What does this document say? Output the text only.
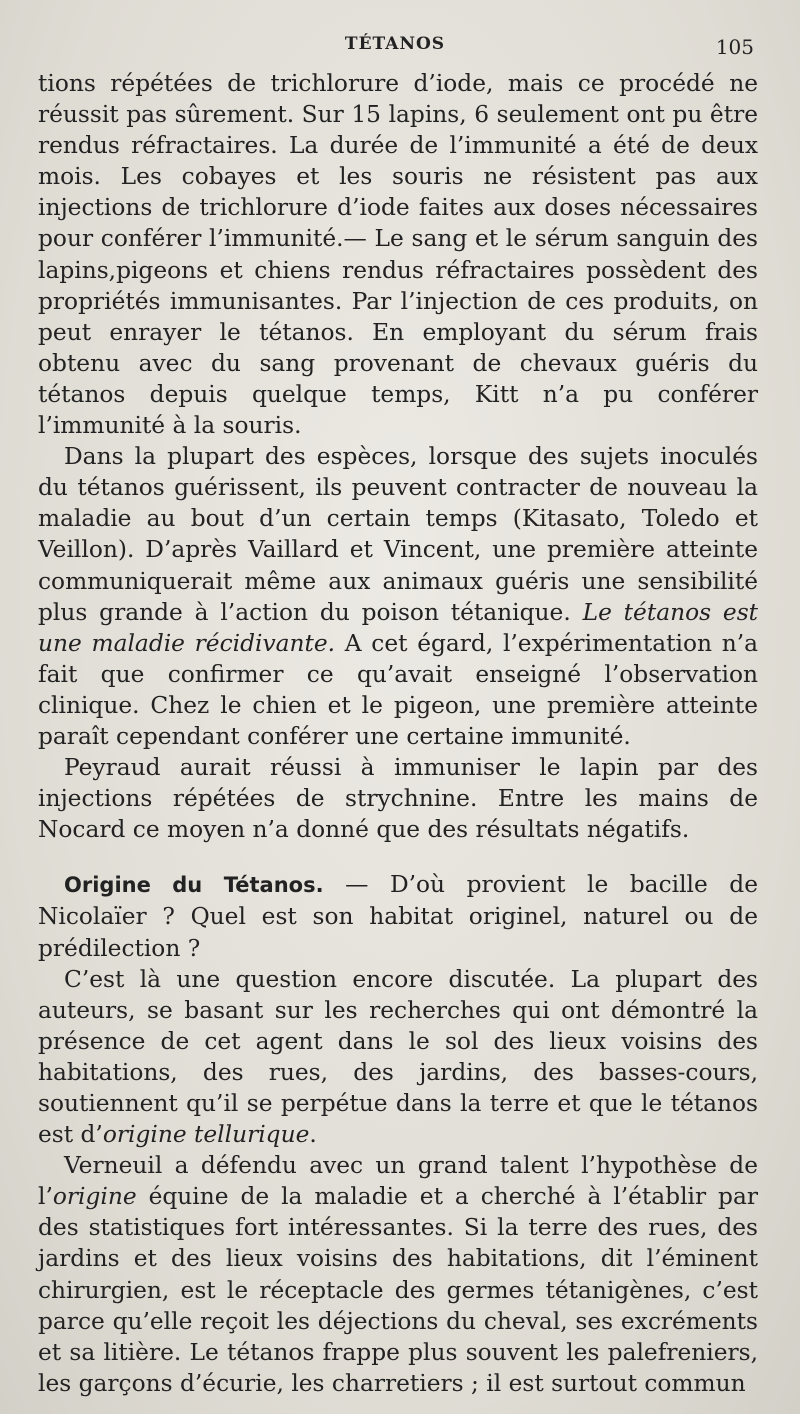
TÉTANOS	105

tions répétées de trichlorure d’iode, mais ce procédé ne réussit pas sûrement. Sur 15 lapins, 6 seulement ont pu être rendus réfractaires. La durée de l’immunité a été de deux mois. Les cobayes et les souris ne résistent pas aux injections de trichlorure d’iode faites aux doses nécessaires pour conférer l’immunité.— Le sang et le sérum sanguin des lapins,pigeons et chiens rendus réfractaires possèdent des propriétés immunisantes. Par l’injection de ces produits, on peut enrayer le tétanos. En employant du sérum frais obtenu avec du sang provenant de chevaux guéris du tétanos depuis quelque temps, Kitt n’a pu conférer l’immunité à la souris.

Dans la plupart des espèces, lorsque des sujets inoculés du tétanos guérissent, ils peuvent contracter de nouveau la maladie au bout d’un certain temps (Kitasato, Toledo et Veillon). D’après Vaillard et Vincent, une première atteinte communiquerait même aux animaux guéris une sensibilité plus grande à l’action du poison tétanique. Le tétanos est une maladie récidivante. A cet égard, l’expérimentation n’a fait que confirmer ce qu’avait enseigné l’observation clinique. Chez le chien et le pigeon, une première atteinte paraît cependant conférer une certaine immunité.

Peyraud aurait réussi à immuniser le lapin par des injections répétées de strychnine. Entre les mains de Nocard ce moyen n’a donné que des résultats négatifs.

Origine du Tétanos. — D’où provient le bacille de Nicolaïer ? Quel est son habitat originel, naturel ou de prédilection ?

C’est là une question encore discutée. La plupart des auteurs, se basant sur les recherches qui ont démontré la présence de cet agent dans le sol des lieux voisins des habitations, des rues, des jardins, des basses-cours, soutiennent qu’il se perpétue dans la terre et que le tétanos est d’origine tellurique.

Verneuil a défendu avec un grand talent l’hypothèse de l’origine équine de la maladie et a cherché à l’établir par des statistiques fort intéressantes. Si la terre des rues, des jardins et des lieux voisins des habitations, dit l’éminent chirurgien, est le réceptacle des germes tétanigènes, c’est parce qu’elle reçoit les déjections du cheval, ses excréments et sa litière. Le tétanos frappe plus souvent les palefreniers, les garçons d’écurie, les charretiers ; il est surtout commun
